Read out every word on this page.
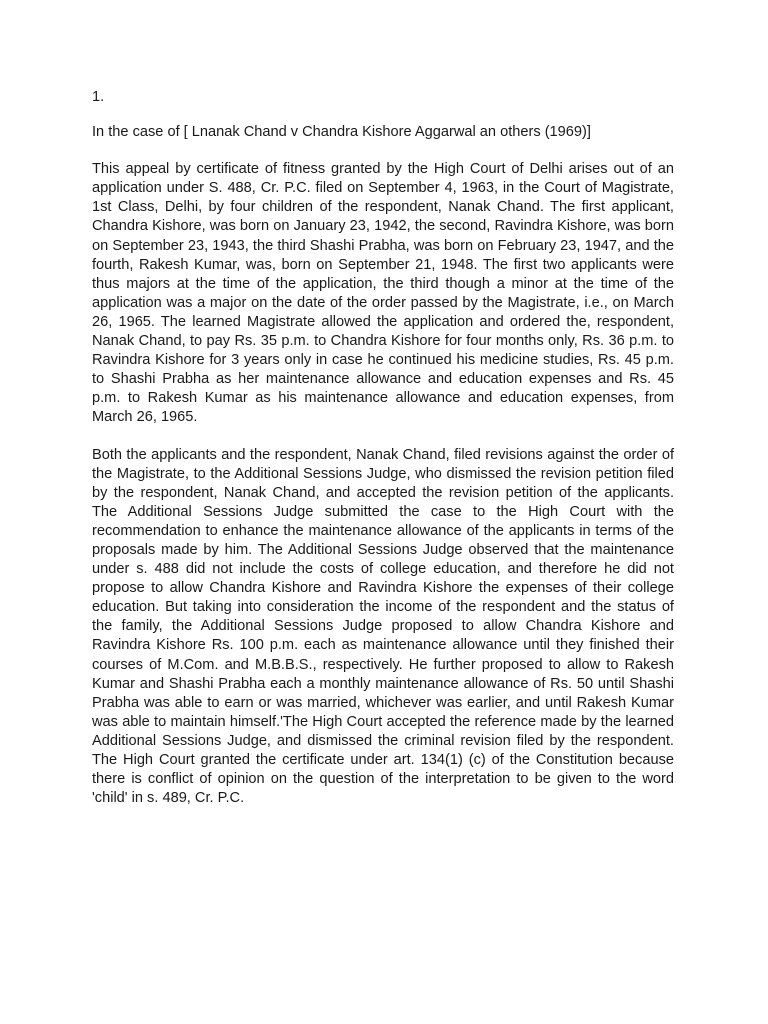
1.

In the case of [ Lnanak Chand v Chandra Kishore Aggarwal an others (1969)]

This appeal by certificate of fitness granted by the High Court of Delhi arises out of an application under S. 488, Cr. P.C. filed on September 4, 1963, in the Court of Magistrate, 1st Class, Delhi, by four children of the respondent, Nanak Chand. The first applicant, Chandra Kishore, was born on January 23, 1942, the second, Ravindra Kishore, was born on September 23, 1943, the third Shashi Prabha, was born on February 23, 1947, and the fourth, Rakesh Kumar, was, born on September 21, 1948. The first two applicants were thus majors at the time of the application, the third though a minor at the time of the application was a major on the date of the order passed by the Magistrate, i.e., on March 26, 1965. The learned Magistrate allowed the application and ordered the, respondent, Nanak Chand, to pay Rs. 35 p.m. to Chandra Kishore for four months only, Rs. 36 p.m. to Ravindra Kishore for 3 years only in case he continued his medicine studies, Rs. 45 p.m. to Shashi Prabha as her maintenance allowance and education expenses and Rs. 45 p.m. to Rakesh Kumar as his maintenance allowance and education expenses, from March 26, 1965.

Both the applicants and the respondent, Nanak Chand, filed revisions against the order of the Magistrate, to the Additional Sessions Judge, who dismissed the revision petition filed by the respondent, Nanak Chand, and accepted the revision petition of the applicants. The Additional Sessions Judge submitted the case to the High Court with the recommendation to enhance the maintenance allowance of the applicants in terms of the proposals made by him. The Additional Sessions Judge observed that the maintenance under s. 488 did not include the costs of college education, and therefore he did not propose to allow Chandra Kishore and Ravindra Kishore the expenses of their college education. But taking into consideration the income of the respondent and the status of the family, the Additional Sessions Judge proposed to allow Chandra Kishore and Ravindra Kishore Rs. 100 p.m. each as maintenance allowance until they finished their courses of M.Com. and M.B.B.S., respectively. He further proposed to allow to Rakesh Kumar and Shashi Prabha each a monthly maintenance allowance of Rs. 50 until Shashi Prabha was able to earn or was married, whichever was earlier, and until Rakesh Kumar was able to maintain himself.'The High Court accepted the reference made by the learned Additional Sessions Judge, and dismissed the criminal revision filed by the respondent. The High Court granted the certificate under art. 134(1) (c) of the Constitution because there is conflict of opinion on the question of the interpretation to be given to the word 'child' in s. 489, Cr. P.C.
